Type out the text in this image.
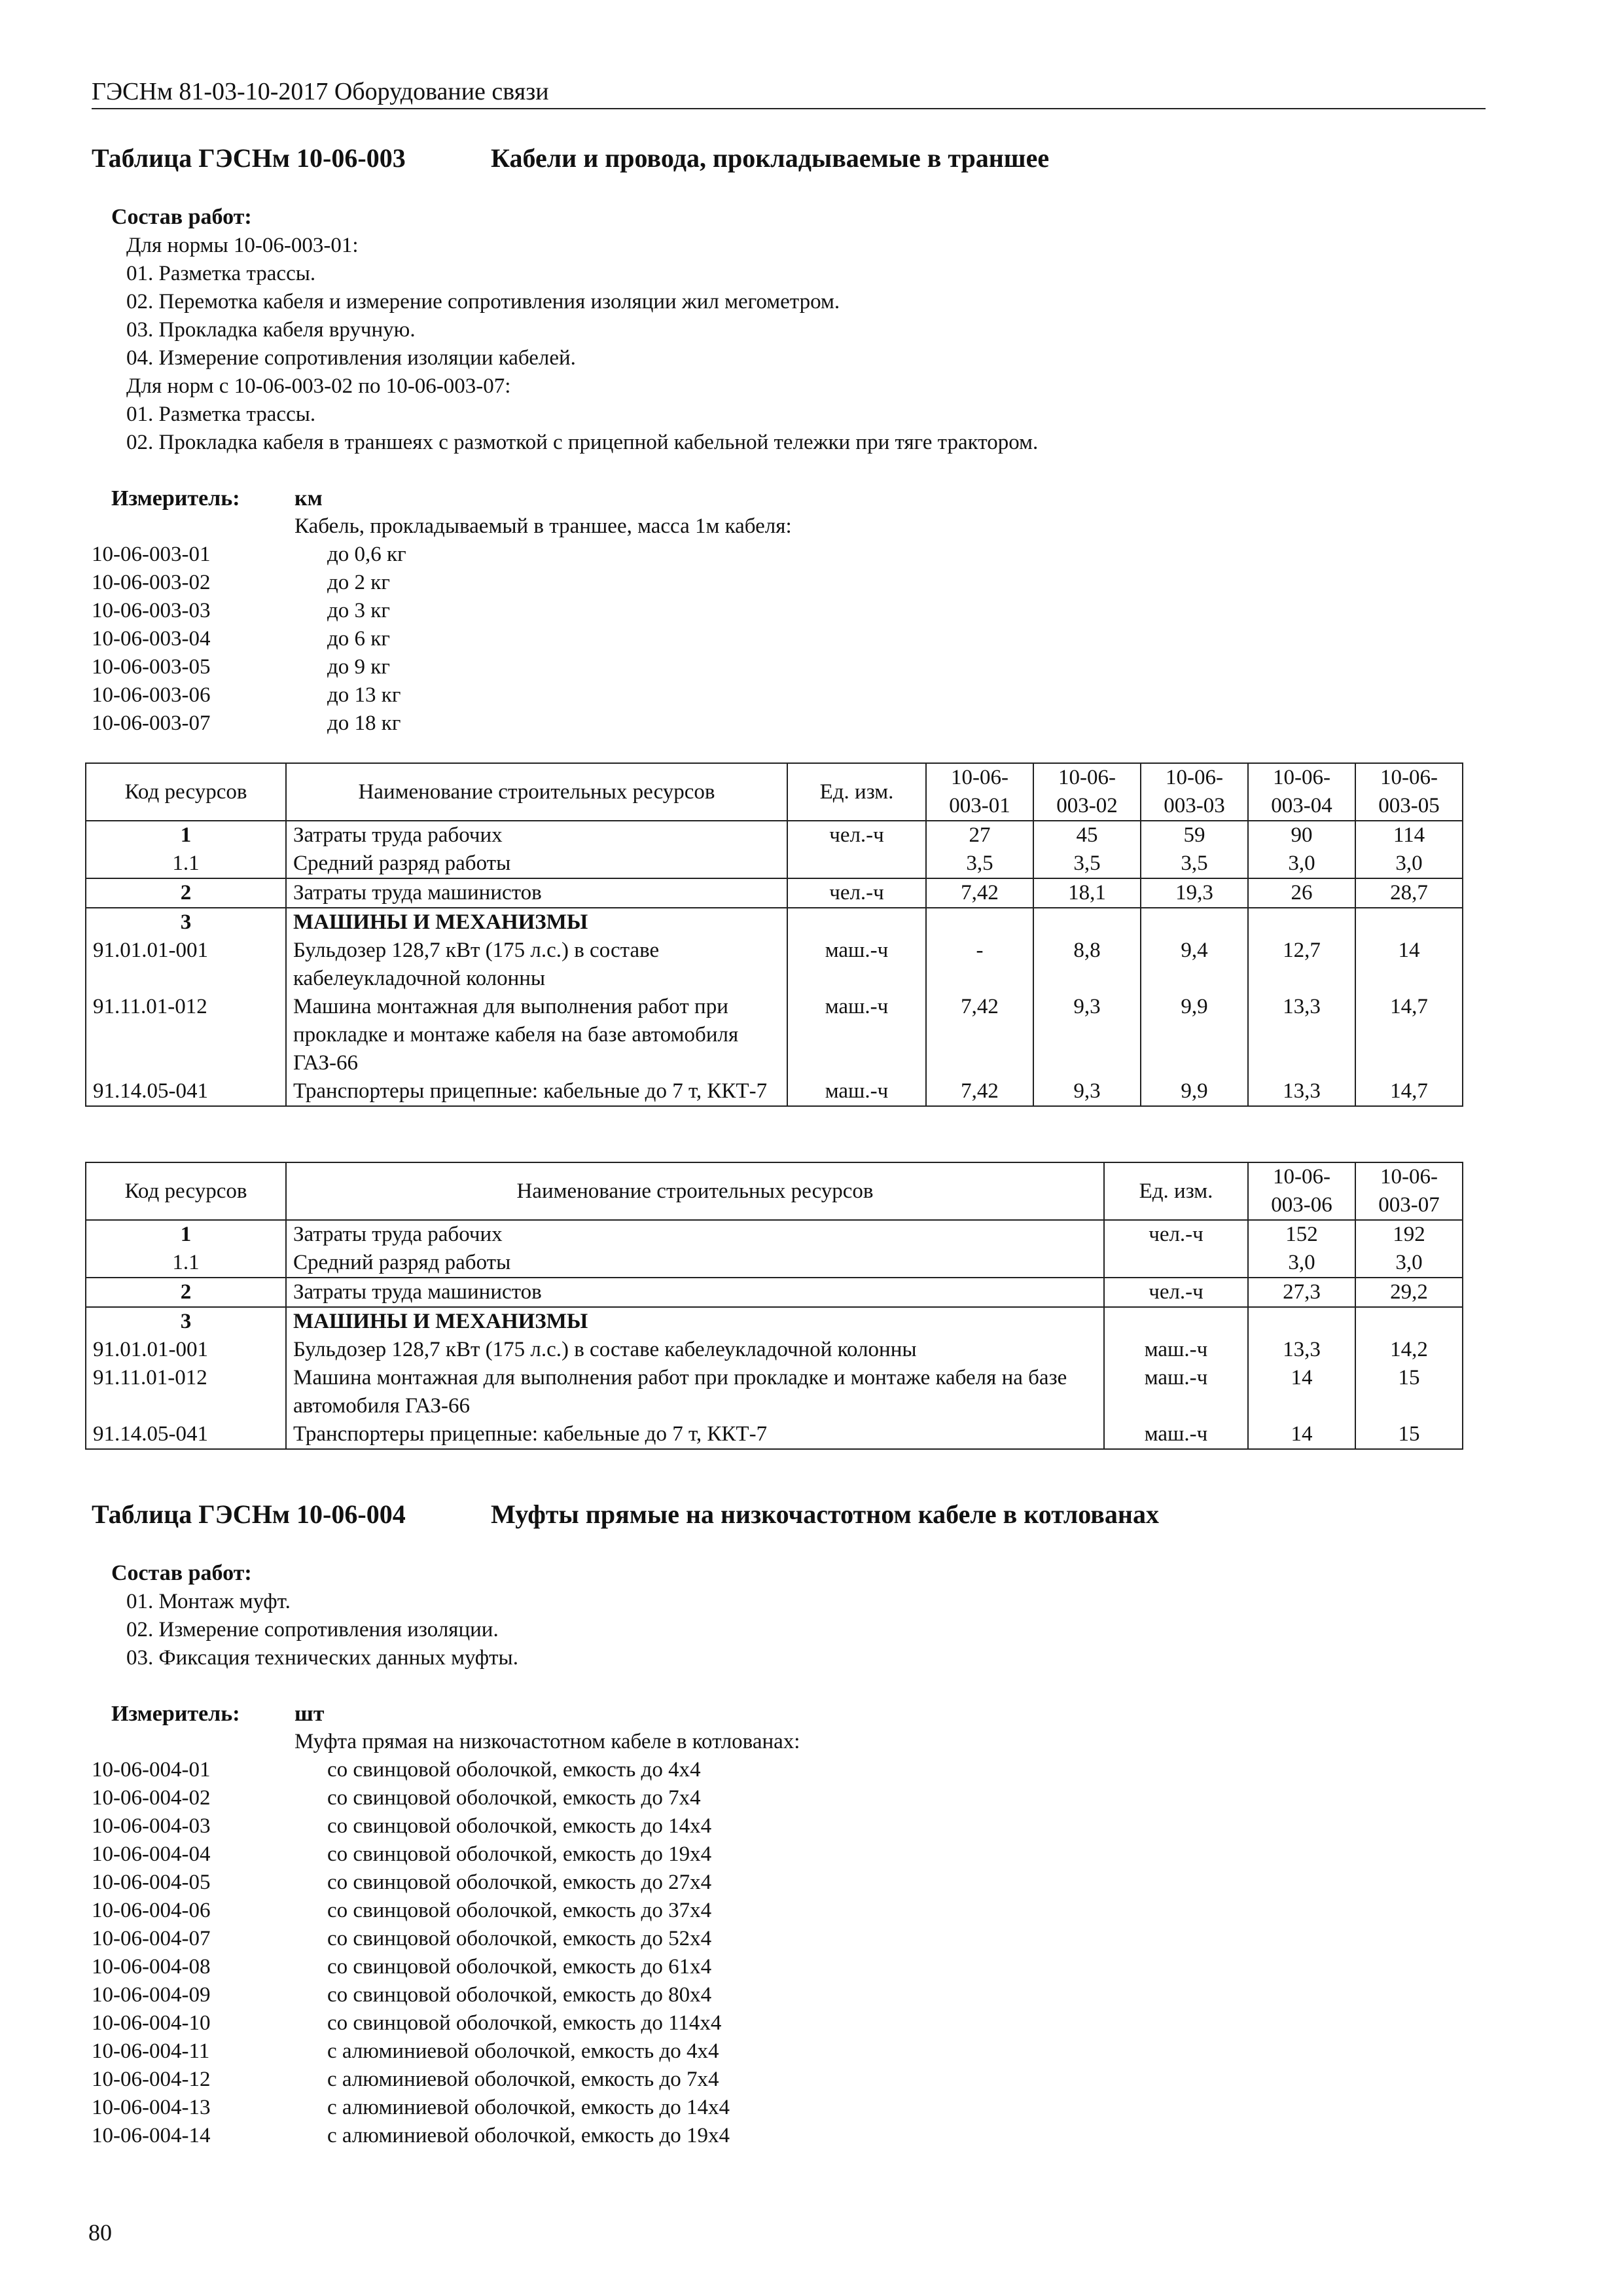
ГЭСНм 81-03-10-2017 Оборудование связи
Таблица ГЭСНм 10-06-003	Кабели и провода, прокладываемые в траншее
Состав работ:
Для нормы 10-06-003-01:
01. Разметка трассы.
02. Перемотка кабеля и измерение сопротивления изоляции жил мегометром.
03. Прокладка кабеля вручную.
04. Измерение сопротивления изоляции кабелей.
Для норм с 10-06-003-02 по 10-06-003-07:
01. Разметка трассы.
02. Прокладка кабеля в траншеях с размоткой с прицепной кабельной тележки при тяге трактором.
Измеритель: км
Кабель, прокладываемый в траншее, масса 1м кабеля:
10-06-003-01	до 0,6 кг
10-06-003-02	до 2 кг
10-06-003-03	до 3 кг
10-06-003-04	до 6 кг
10-06-003-05	до 9 кг
10-06-003-06	до 13 кг
10-06-003-07	до 18 кг
Код ресурсов	Наименование строительных ресурсов	Ед. изм.	10-06-
003-01	10-06-
003-02	10-06-
003-03	10-06-
003-04	10-06-
003-05
1	Затраты труда рабочих	чел.-ч	27	45	59	90	114
1.1	Средний разряд работы		3,5	3,5	3,5	3,0	3,0
2	Затраты труда машинистов	чел.-ч	7,42	18,1	19,3	26	28,7
3	МАШИНЫ И МЕХАНИЗМЫ						
91.01.01-001	Бульдозер 128,7 кВт (175 л.с.) в составе кабелеукладочной колонны	маш.-ч	-	8,8	9,4	12,7	14
91.11.01-012	Машина монтажная для выполнения работ при прокладке и монтаже кабеля на базе автомобиля ГАЗ-66	маш.-ч	7,42	9,3	9,9	13,3	14,7
91.14.05-041	Транспортеры прицепные: кабельные до 7 т, ККТ-7	маш.-ч	7,42	9,3	9,9	13,3	14,7
Код ресурсов	Наименование строительных ресурсов	Ед. изм.	10-06-
003-06	10-06-
003-07
1	Затраты труда рабочих	чел.-ч	152	192
1.1	Средний разряд работы		3,0	3,0
2	Затраты труда машинистов	чел.-ч	27,3	29,2
3	МАШИНЫ И МЕХАНИЗМЫ			
91.01.01-001	Бульдозер 128,7 кВт (175 л.с.) в составе кабелеукладочной колонны	маш.-ч	13,3	14,2
91.11.01-012	Машина монтажная для выполнения работ при прокладке и монтаже кабеля на базе автомобиля ГАЗ-66	маш.-ч	14	15
91.14.05-041	Транспортеры прицепные: кабельные до 7 т, ККТ-7	маш.-ч	14	15
Таблица ГЭСНм 10-06-004	Муфты прямые на низкочастотном кабеле в котлованах
Состав работ:
01. Монтаж муфт.
02. Измерение сопротивления изоляции.
03. Фиксация технических данных муфты.
Измеритель: шт
Муфта прямая на низкочастотном кабеле в котлованах:
10-06-004-01	со свинцовой оболочкой, емкость до 4x4
10-06-004-02	со свинцовой оболочкой, емкость до 7x4
10-06-004-03	со свинцовой оболочкой, емкость до 14x4
10-06-004-04	со свинцовой оболочкой, емкость до 19x4
10-06-004-05	со свинцовой оболочкой, емкость до 27x4
10-06-004-06	со свинцовой оболочкой, емкость до 37x4
10-06-004-07	со свинцовой оболочкой, емкость до 52x4
10-06-004-08	со свинцовой оболочкой, емкость до 61x4
10-06-004-09	со свинцовой оболочкой, емкость до 80x4
10-06-004-10	со свинцовой оболочкой, емкость до 114x4
10-06-004-11	с алюминиевой оболочкой, емкость до 4x4
10-06-004-12	с алюминиевой оболочкой, емкость до 7x4
10-06-004-13	с алюминиевой оболочкой, емкость до 14x4
10-06-004-14	с алюминиевой оболочкой, емкость до 19x4
80
